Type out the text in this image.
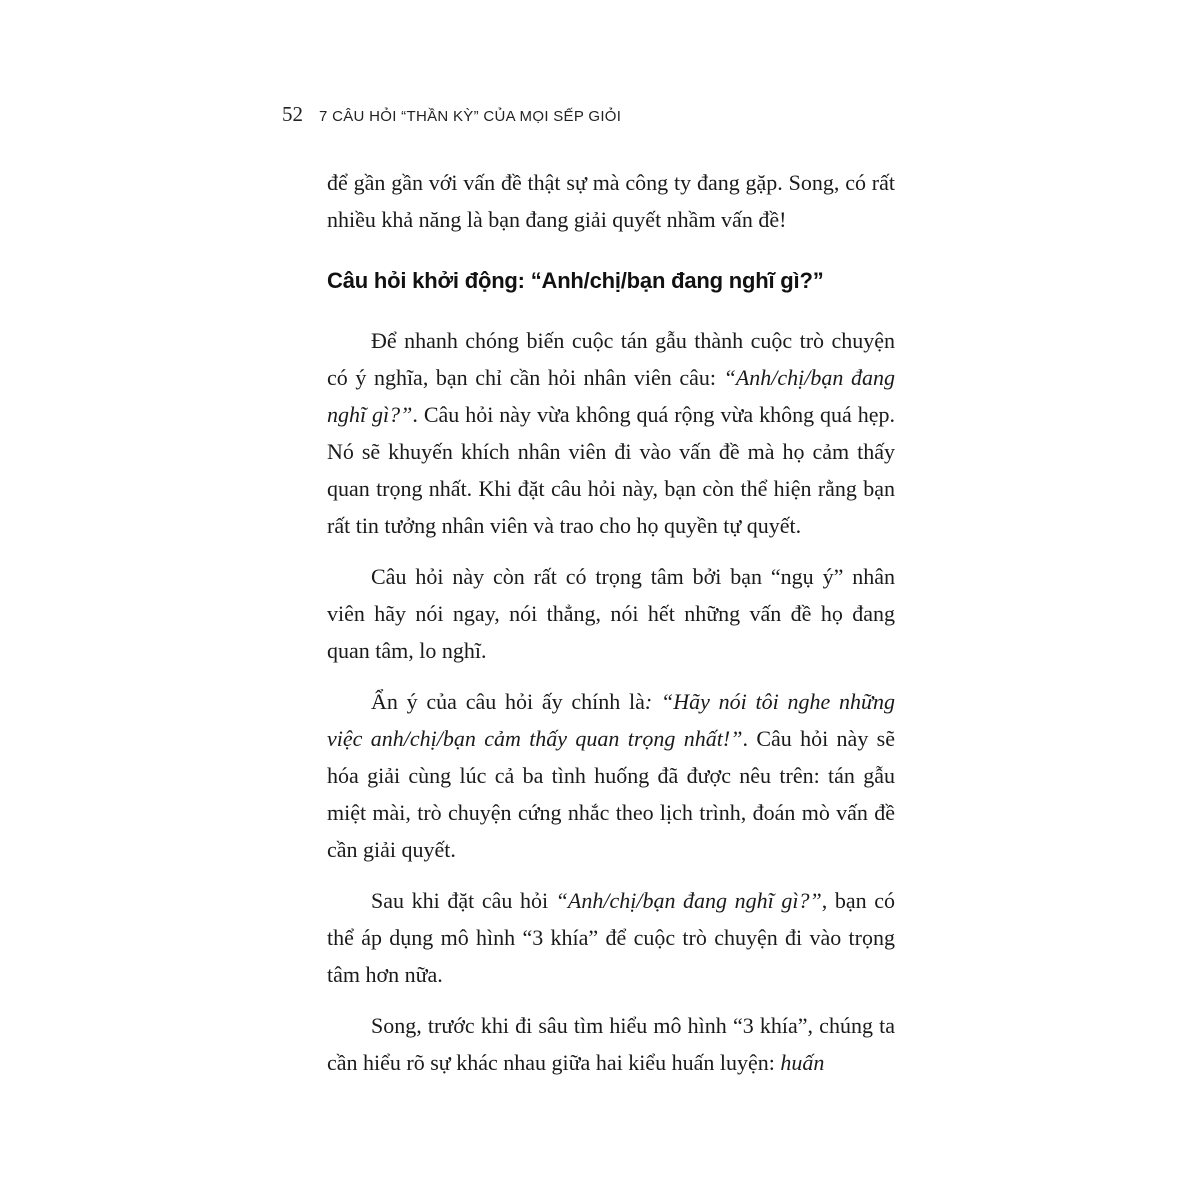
52 7 CÂU HỎI “THẦN KỲ” CỦA MỌI SẾP GIỎI

để gần gần với vấn đề thật sự mà công ty đang gặp. Song, có rất nhiều khả năng là bạn đang giải quyết nhầm vấn đề!

Câu hỏi khởi động: “Anh/chị/bạn đang nghĩ gì?”

Để nhanh chóng biến cuộc tán gẫu thành cuộc trò chuyện có ý nghĩa, bạn chỉ cần hỏi nhân viên câu: “Anh/chị/bạn đang nghĩ gì?”. Câu hỏi này vừa không quá rộng vừa không quá hẹp. Nó sẽ khuyến khích nhân viên đi vào vấn đề mà họ cảm thấy quan trọng nhất. Khi đặt câu hỏi này, bạn còn thể hiện rằng bạn rất tin tưởng nhân viên và trao cho họ quyền tự quyết.

Câu hỏi này còn rất có trọng tâm bởi bạn “ngụ ý” nhân viên hãy nói ngay, nói thẳng, nói hết những vấn đề họ đang quan tâm, lo nghĩ.

Ẩn ý của câu hỏi ấy chính là: “Hãy nói tôi nghe những việc anh/chị/bạn cảm thấy quan trọng nhất!”. Câu hỏi này sẽ hóa giải cùng lúc cả ba tình huống đã được nêu trên: tán gẫu miệt mài, trò chuyện cứng nhắc theo lịch trình, đoán mò vấn đề cần giải quyết.

Sau khi đặt câu hỏi “Anh/chị/bạn đang nghĩ gì?”, bạn có thể áp dụng mô hình “3 khía” để cuộc trò chuyện đi vào trọng tâm hơn nữa.

Song, trước khi đi sâu tìm hiểu mô hình “3 khía”, chúng ta cần hiểu rõ sự khác nhau giữa hai kiểu huấn luyện: huấn
